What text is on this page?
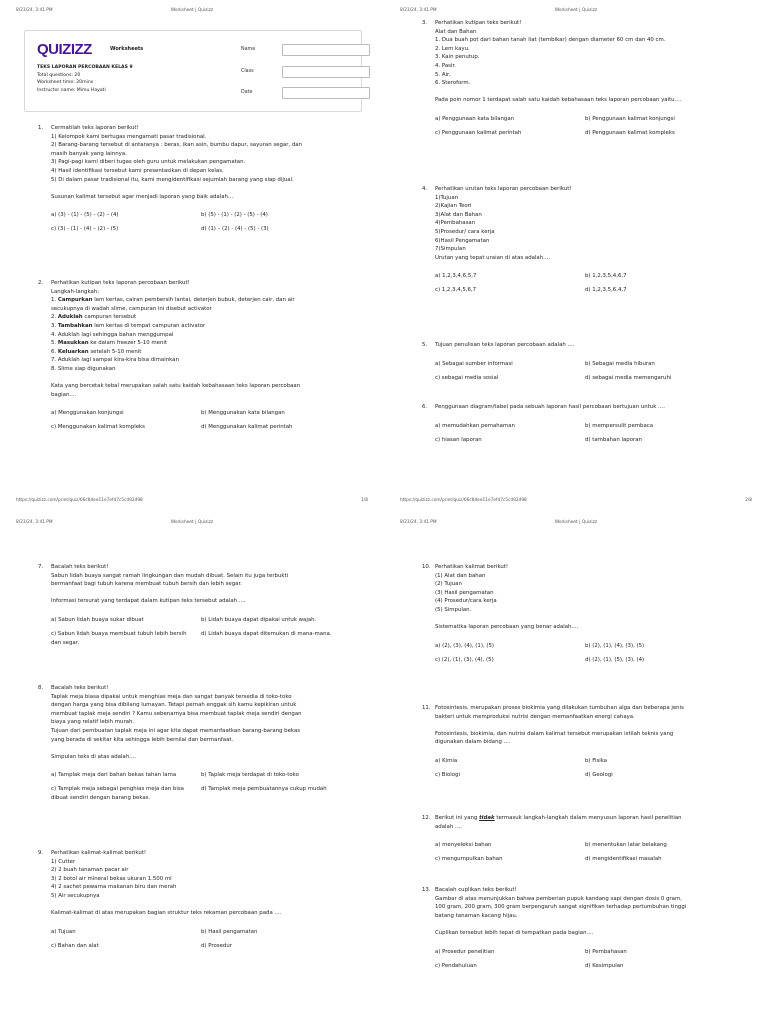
8/23/24, 3:41 PM	Worksheet | Quizizz
QUIZIZZ	Worksheets
TEKS LAPORAN PERCOBAAN KELAS 9
Total questions: 20
Worksheet time: 20mins
Instructor name: Mimu Hayati
Name
Class
Date
1. Cermatilah teks laporan berikut!
1) Kelompok kami bertugas mengamati pasar tradisional.
2) Barang-barang tersebut di antaranya : beras, ikan asin, bumbu dapur, sayuran segar, dan
masih banyak yang lainnya.
3) Pagi-pagi kami diberi tugas oleh guru untuk melakukan pengamatan.
4) Hasil identifikasi tersebut kami presentasikan di depan kelas.
5) Di dalam pasar tradisional itu, kami mengidentifikasi sejumlah barang yang siap dijual.
Susunan kalimat tersebut agar menjadi laporan yang baik adalah...
a) (3) - (1) - (5) - (2) – (4)	b) (5) - (1) - (2) - (5) - (4)
c) (3) - (1) - (4) – (2) - (5)	d) (1) – (2) - (4) - (5) - (3)
2. Perhatikan kutipan teks laporan percobaan berikut!
Langkah-langkah:
1. Campurkan lem kertas, cairan pembersih lantai, deterjen bubuk, deterjen cair, dan air
secukupnya di wadah slime, campuran ini disebut activator
2. Aduklah campuran tersebut
3. Tambahkan lem kertas di tempat campuran activator
4. Aduklah lagi sehingga bahan menggumpal
5. Masukkan ke dalam freezer 5-10 menit
6. Keluarkan setelah 5-10 menit
7. Aduklah lagi sampai kira-kira bisa dimainkan
8. Slime siap digunakan
Kata yang bercetak tebal merupakan salah satu kaidah kebahasaan teks laporan percobaan
bagian....
a) Menggunakan konjungsi	b) Menggunakan kata bilangan
c) Menggunakan kalimat kompleks	d) Menggunakan kalimat perintah
https://quizizz.com/print/quiz/66c84ee11e7efd7c5c492d98	1/8
8/23/24, 3:41 PM	Worksheet | Quizizz
3. Perhatikan kutipan teks berikut!
Alat dan Bahan
1. Dua buah pot dari bahan tanah liat (tembikar) dengan diameter 60 cm dan 40 cm.
2. Lem kayu.
3. Kain penutup.
4. Pasir.
5. Air.
6. Steroform.
Pada poin nomor 1 terdapat salah satu kaidah kebahasaan teks laporan percobaan yaitu....
a) Penggunaan kata bilangan	b) Penggunaan kalimat konjungsi
c) Penggunaan kalimat perintah	d) Penggunaan kalimat kompleks
4. Perhatikan urutan teks laporan percobaan berikut!
1)Tujuan
2)Kajian Teori
3)Alat dan Bahan
4)Pembahasan
5)Prosedur/ cara kerja
6)Hasil Pengamatan
7)Simpulan
Urutan yang tepat uraian di atas adalah....
a) 1,2,3,4,6,5,7	b) 1,2,3,5,4,6,7
c) 1,2,3,4,5,6,7	d) 1,2,3,5,6,4,7
5. Tujuan penulisan teks laporan percobaan adalah ....
a) Sebagai sumber informasi	b) Sebagai media hiburan
c) sebagai media sosial	d) sebagai media memengaruhi
6. Penggunaan diagram/tabel pada sebuah laporan hasil percobaan bertujuan untuk ....
a) memudahkan pemahaman	b) mempersulit pembaca
c) hiasan laporan	d) tambahan laporan
https://quizizz.com/print/quiz/66c84ee11e7efd7c5c492d98	2/8
8/23/24, 3:41 PM	Worksheet | Quizizz
7. Bacalah teks berikut!
Sabun lidah buaya sangat ramah lingkungan dan mudah dibuat. Selain itu juga terbukti
bermanfaat bagi tubuh karena membuat tubuh bersih dan lebih segar.
Informasi tersurat yang terdapat dalam kutipan teks tersebut adalah ....
a) Sabun lidah buaya sukar dibuat	b) Lidah buaya dapat dipakai untuk wajah.
c) Sabun lidah buaya membuat tubuh lebih bersih dan segar.
d) Lidah buaya dapat ditemukan di mana-mana.
8. Bacalah teks berikut!
Taplak meja biasa dipakai untuk menghias meja dan sangat banyak tersedia di toko-toko
dengan harga yang bisa dibilang lumayan. Tetapi pernah enggak sih kamu kepikiran untuk
membuat taplak meja sendiri ? Kamu sebenarnya bisa membuat taplak meja sendiri dengan
biaya yang relatif lebih murah.
Tujuan dari pembuatan taplak meja ini agar kita dapat memanfaatkan barang-barang bekas
yang berada di sekitar kita sehingga lebih bernilai dan bermanfaat.
Simpulan teks di atas adalah....
a) Tamplak meja dari bahan bekas tahan lama	b) Taplak meja terdapat di toko-toko
c) Tamplak meja sebagai penghias meja dan bisa dibuat sendiri dengan barang bekas.
d) Tamplak meja pembuatannya cukup mudah
9. Perhatikan kalimat-kalimat berikut!
1) Cutter
2) 2 buah tanaman pacar air
3) 2 botol air mineral bekas ukuran 1.500 ml
4) 2 sachet pewarna makanan biru dan merah
5) Air secukupnya
Kalimat-kalimat di atas merupakan bagian struktur teks rekaman percobaan pada ....
a) Tujuan	b) Hasil pengamatan
c) Bahan dan alat	d) Prosedur
8/23/24, 3:41 PM	Worksheet | Quizizz
10. Perhatikan kalimat berikut!
(1) Alat dan bahan
(2) Tujuan
(3) Hasil pengamatan
(4) Prosedur/cara kerja
(5) Simpulan.
Sistematika laporan percobaan yang benar adalah....
a) (2), (3), (4), (1), (5)	b) (2), (1), (4), (3), (5)
c) (2), (1), (3), (4), (5)	d) (2), (1), (5), (3), (4)
11. Fotosintesis, merupakan proses biokimia yang dilakukan tumbuhan alga dan beberapa jenis
bakteri untuk memproduksi nutrisi dengan memanfaatkan energi cahaya.
Fotosintesis, biokimia, dan nutrisi dalam kalimat tersebut merupakan istilah teknis yang
digunakan dalam bidang ....
a) Kimia	b) Fisika
c) Biologi	d) Geologi
12. Berikut ini yang tidak termasuk langkah-langkah dalam menyusun laporan hasil penelitian
adalah ....
a) menyeleksi bahan	b) menentukan latar belakang
c) mengumpulkan bahan	d) mengidentifikasi masalah
13. Bacalah cuplikan teks berikut!
Gambar di atas menunjukkan bahwa pemberian pupuk kandang sapi dengan dosis 0 gram,
100 gram, 200 gram, 300 gram berpengaruh sangat signifikan terhadap pertumbuhan tinggi
batang tanaman kacang hijau.
Cuplikan tersebut lebih tepat di tempatkan pada bagian....
a) Prosedur penelitian	b) Pembahasan
c) Pendahuluan	d) Kesimpulan
